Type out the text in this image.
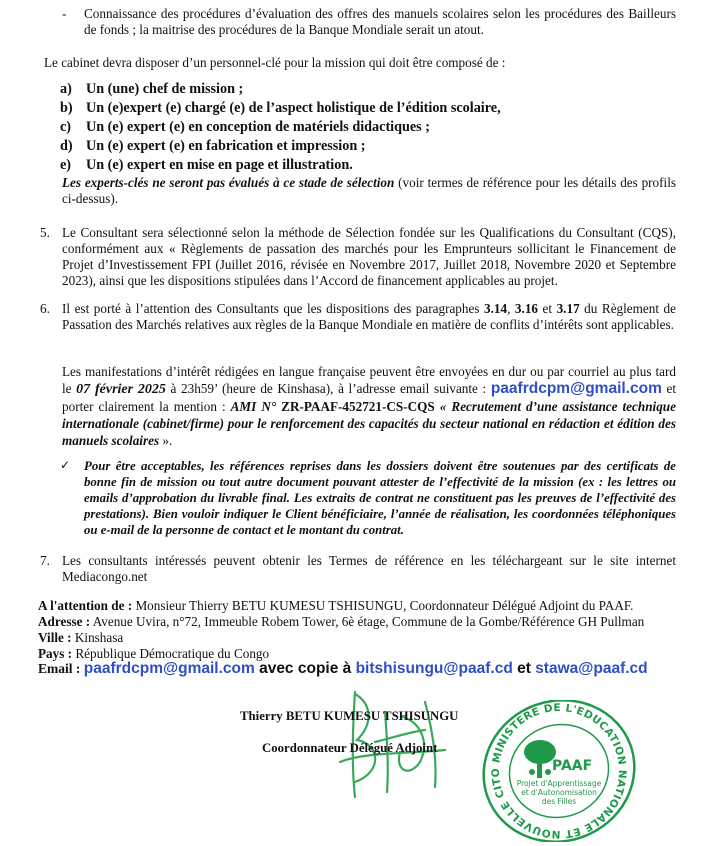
- Connaissance des procédures d’évaluation des offres des manuels scolaires selon les procédures des Bailleurs de fonds ; la maitrise des procédures de la Banque Mondiale serait un atout.
Le cabinet devra disposer d’un personnel-clé pour la mission qui doit être composé de :
a) Un (une) chef de mission ;
b) Un (e)expert (e) chargé (e) de l’aspect holistique de l’édition scolaire,
c) Un (e) expert (e) en conception de matériels didactiques ;
d) Un (e) expert (e) en fabrication et impression ;
e) Un (e) expert en mise en page et illustration.
Les experts-clés ne seront pas évalués à ce stade de sélection (voir termes de référence pour les détails des profils ci-dessus).
5. Le Consultant sera sélectionné selon la méthode de Sélection fondée sur les Qualifications du Consultant (CQS), conformément aux « Règlements de passation des marchés pour les Emprunteurs sollicitant le Financement de Projet d’Investissement FPI (Juillet 2016, révisée en Novembre 2017, Juillet 2018, Novembre 2020 et Septembre 2023), ainsi que les dispositions stipulées dans l’Accord de financement applicables au projet.
6. Il est porté à l’attention des Consultants que les dispositions des paragraphes 3.14, 3.16 et 3.17 du Règlement de Passation des Marchés relatives aux règles de la Banque Mondiale en matière de conflits d’intérêts sont applicables.
Les manifestations d’intérêt rédigées en langue française peuvent être envoyées en dur ou par courriel au plus tard le 07 février 2025 à 23h59’ (heure de Kinshasa), à l’adresse email suivante : paafrdcpm@gmail.com et porter clairement la mention : AMI N° ZR-PAAF-452721-CS-CQS « Recrutement d’une assistance technique internationale (cabinet/firme) pour le renforcement des capacités du secteur national en rédaction et édition des manuels scolaires ».
✓ Pour être acceptables, les références reprises dans les dossiers doivent être soutenues par des certificats de bonne fin de mission ou tout autre document pouvant attester de l’effectivité de la mission (ex : les lettres ou emails d’approbation du livrable final. Les extraits de contrat ne constituent pas les preuves de l’effectivité des prestations). Bien vouloir indiquer le Client bénéficiaire, l’année de réalisation, les coordonnées téléphoniques ou e-mail de la personne de contact et le montant du contrat.
7. Les consultants intéressés peuvent obtenir les Termes de référence en les téléchargeant sur le site internet Mediacongo.net
A l'attention de : Monsieur Thierry BETU KUMESU TSHISUNGU, Coordonnateur Délégué Adjoint du PAAF.
Adresse : Avenue Uvira, n°72, Immeuble Robem Tower, 6è étage, Commune de la Gombe/Référence GH Pullman
Ville : Kinshasa
Pays : République Démocratique du Congo
Email : paafrdcpm@gmail.com avec copie à bitshisungu@paaf.cd et stawa@paaf.cd
Thierry BETU KUMESU TSHISUNGU
Coordonnateur Délégué Adjoint
MINISTERE DE L'EDUCATION NATIONALE ET NOUVELLE CITO	PAAF
Projet d'Apprentissage
et d'Autonomisation
des Filles
